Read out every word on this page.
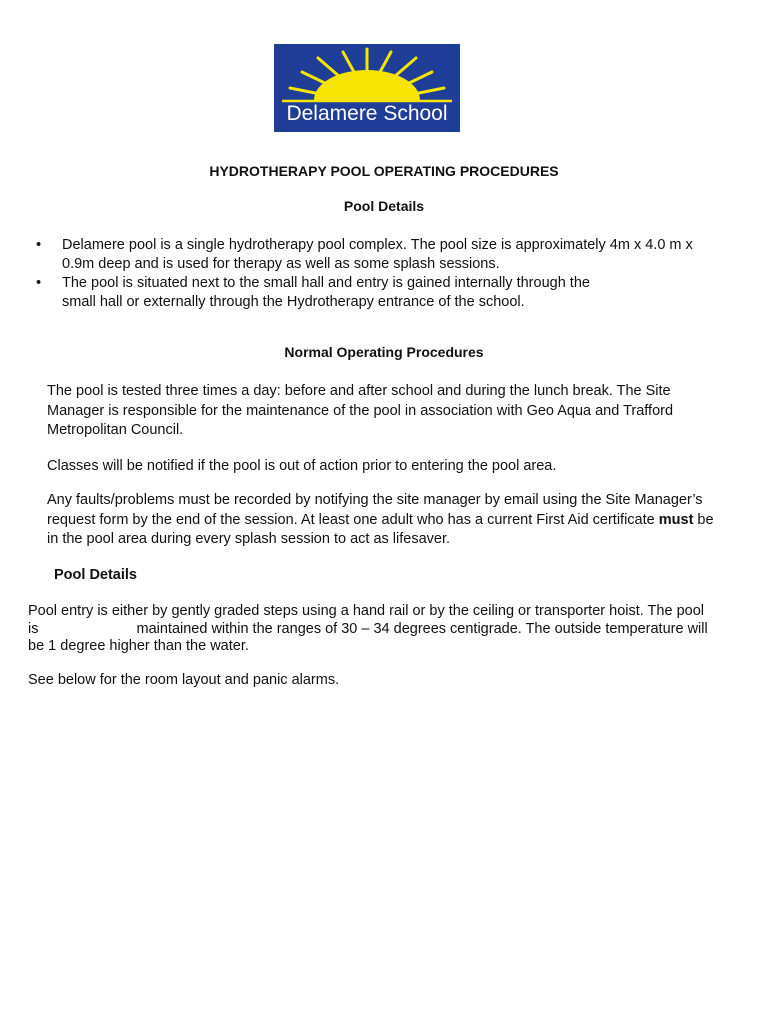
Delamere School
HYDROTHERAPY POOL OPERATING PROCEDURES
Pool Details
• Delamere pool is a single hydrotherapy pool complex. The pool size is approximately 4m x 4.0 m x 0.9m deep and is used for therapy as well as some splash sessions.
• The pool is situated next to the small hall and entry is gained internally through the small hall or externally through the Hydrotherapy entrance of the school.
Normal Operating Procedures
The pool is tested three times a day: before and after school and during the lunch break. The Site Manager is responsible for the maintenance of the pool in association with Geo Aqua and Trafford Metropolitan Council.
Classes will be notified if the pool is out of action prior to entering the pool area.
Any faults/problems must be recorded by notifying the site manager by email using the Site Manager’s request form by the end of the session. At least one adult who has a current First Aid certificate must be in the pool area during every splash session to act as lifesaver.
Pool Details
Pool entry is either by gently graded steps using a hand rail or by the ceiling or transporter hoist. The pool
is	maintained within the ranges of 30 – 34 degrees centigrade. The outside temperature will
be 1 degree higher than the water.
See below for the room layout and panic alarms.
